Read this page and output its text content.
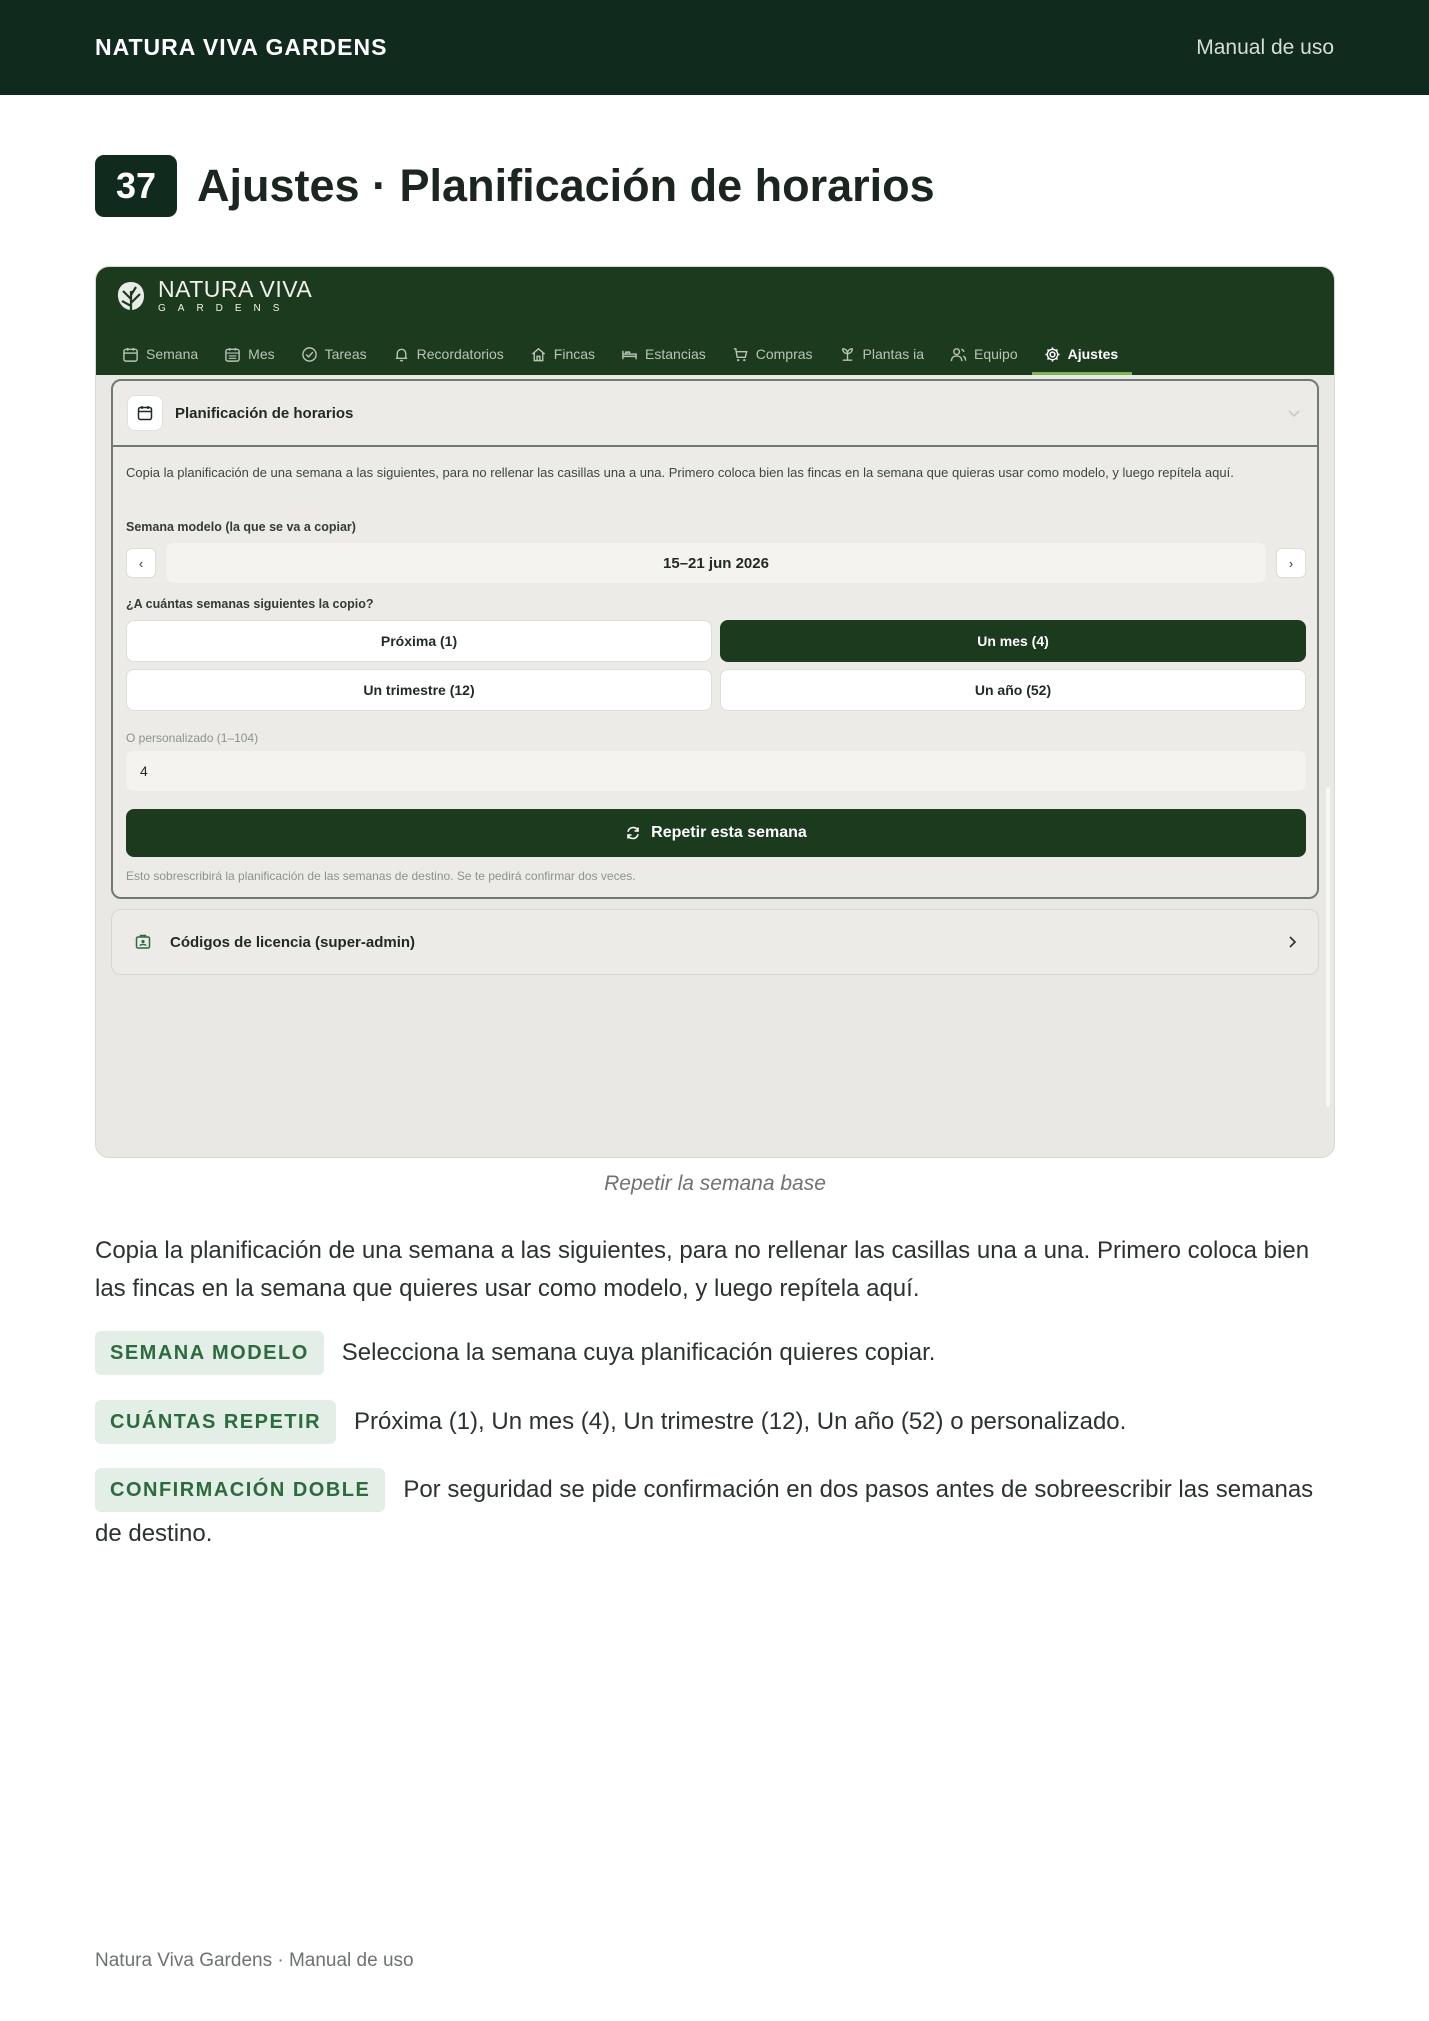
NATURA VIVA GARDENS	Manual de uso
37 Ajustes · Planificación de horarios
NATURA VIVA
GARDENS
Semana	Mes	Tareas	Recordatorios	Fincas	Estancias	Compras	Plantas ia	Equipo	Ajustes
Planificación de horarios
Copia la planificación de una semana a las siguientes, para no rellenar las casillas una a una. Primero coloca bien las fincas en la semana que quieras usar como modelo, y luego repítela aquí.
Semana modelo (la que se va a copiar)
‹	15–21 jun 2026	›
¿A cuántas semanas siguientes la copio?
Próxima (1)	Un mes (4)
Un trimestre (12)	Un año (52)
O personalizado (1–104)
4
Repetir esta semana
Esto sobrescribirá la planificación de las semanas de destino. Se te pedirá confirmar dos veces.
Códigos de licencia (super-admin)
Repetir la semana base

Copia la planificación de una semana a las siguientes, para no rellenar las casillas una a una. Primero coloca bien las fincas en la semana que quieres usar como modelo, y luego repítela aquí.

SEMANA MODELO Selecciona la semana cuya planificación quieres copiar.
CUÁNTAS REPETIR Próxima (1), Un mes (4), Un trimestre (12), Un año (52) o personalizado.
CONFIRMACIÓN DOBLE Por seguridad se pide confirmación en dos pasos antes de sobreescribir las semanas de destino.
Natura Viva Gardens · Manual de uso
